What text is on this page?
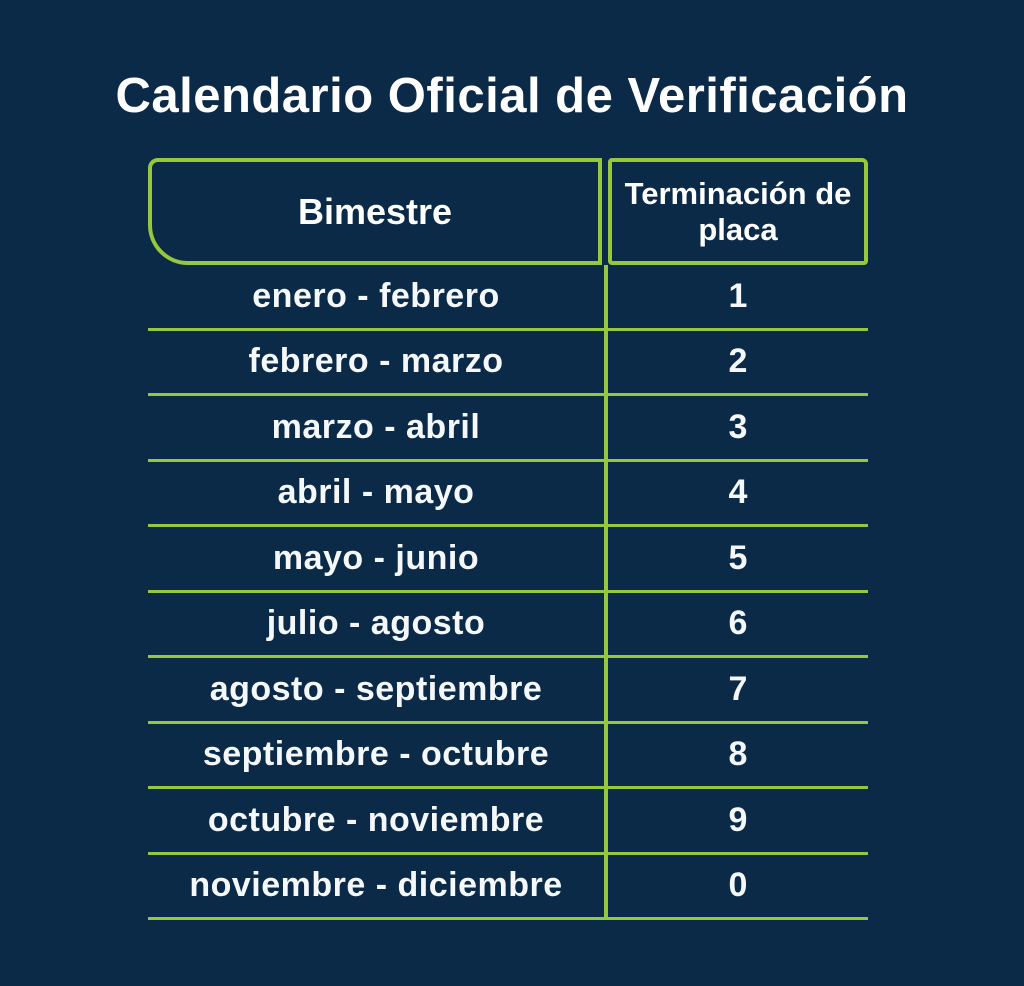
Calendario Oficial de Verificación
Bimestre	Terminación de placa
enero - febrero	1
febrero - marzo	2
marzo - abril	3
abril - mayo	4
mayo - junio	5
julio - agosto	6
agosto - septiembre	7
septiembre - octubre	8
octubre - noviembre	9
noviembre - diciembre	0
